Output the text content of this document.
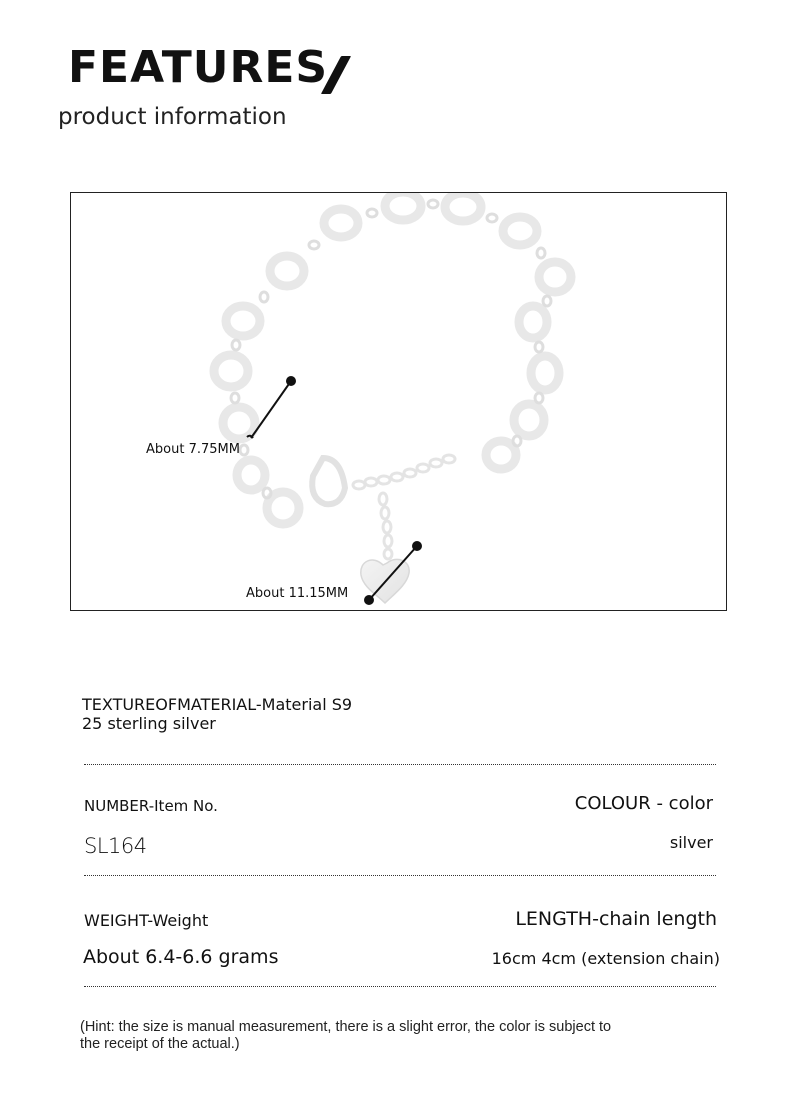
FEATURES
product information
About 7.75MM
About 11.15MM
TEXTUREOFMATERIAL-Material S9
25 sterling silver
NUMBER-Item No.
SL164
COLOUR - color
silver
WEIGHT-Weight
About 6.4-6.6 grams
LENGTH-chain length
16cm 4cm (extension chain)
(Hint: the size is manual measurement, there is a slight error, the color is subject to
the receipt of the actual.)
